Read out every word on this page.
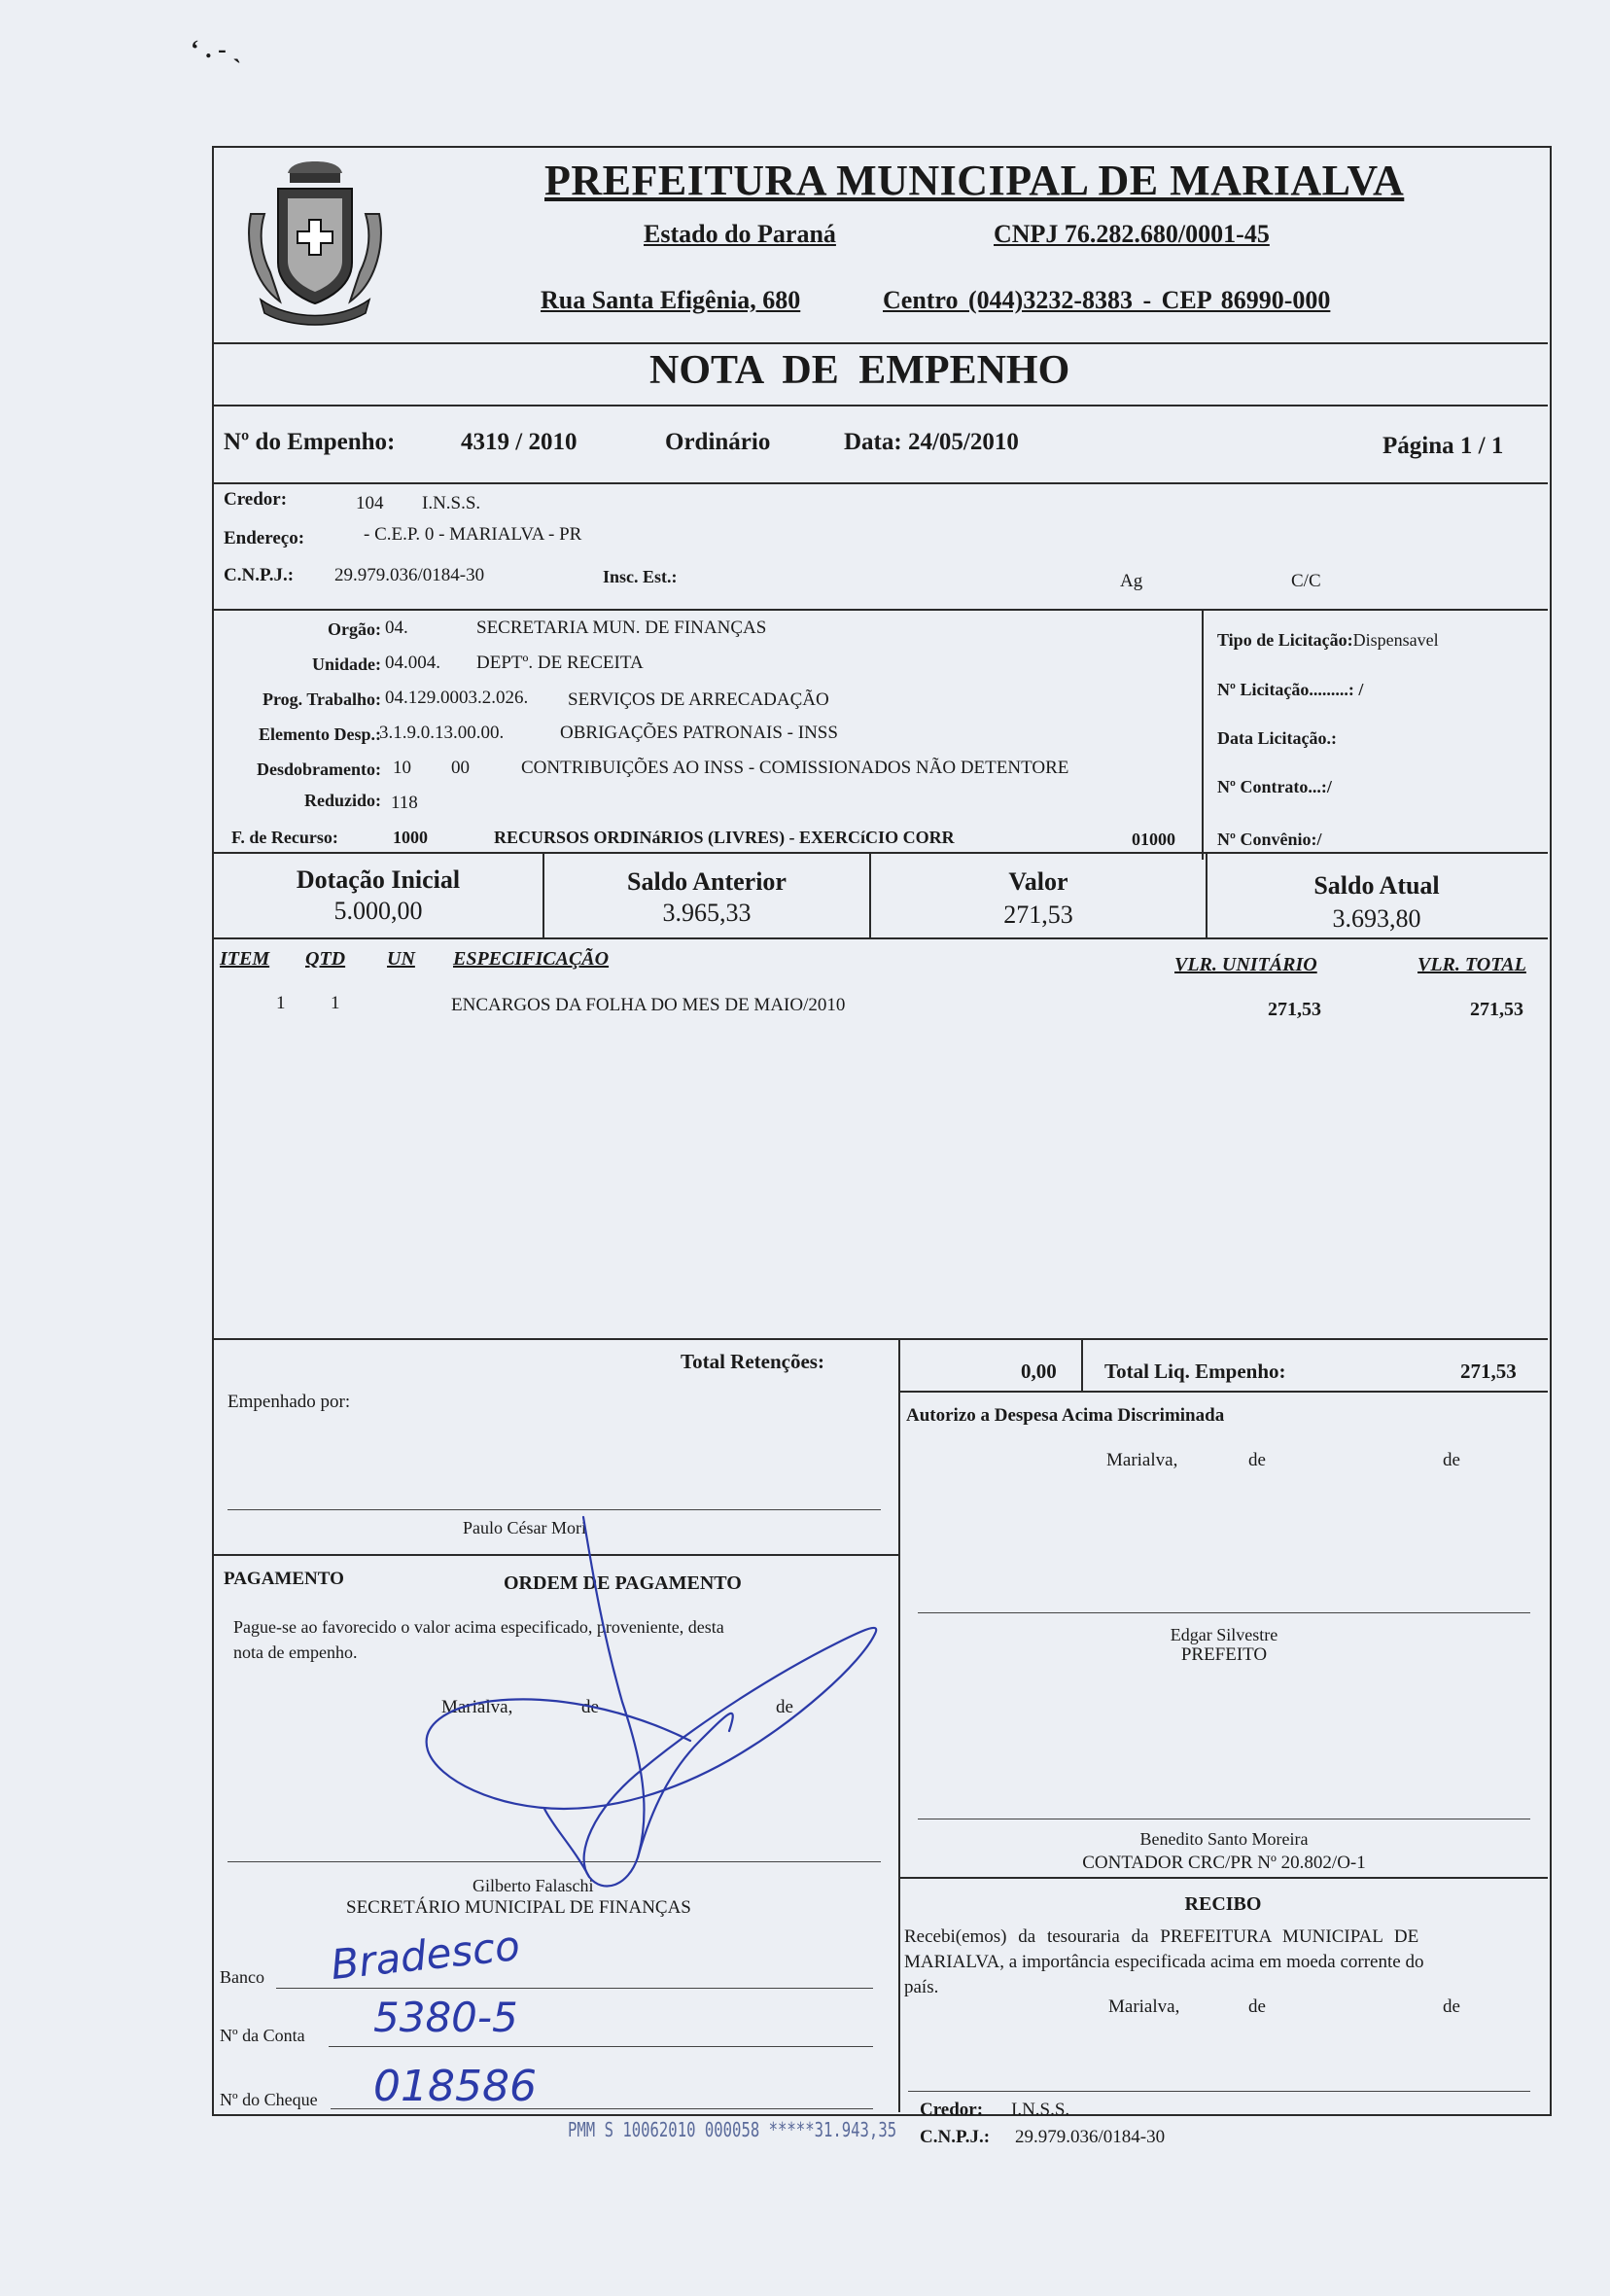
ʻ . - ˎ
PREFEITURA MUNICIPAL DE MARIALVA
Estado do Paraná	CNPJ 76.282.680/0001-45
Rua Santa Efigênia, 680	Centro (044)3232-8383 - CEP 86990-000
NOTA DE EMPENHO
Nº do Empenho:	4319 / 2010	Ordinário	Data: 24/05/2010	Página 1 / 1
Credor:	104 I.N.S.S.
Endereço:	- C.E.P. 0 - MARIALVA - PR
C.N.P.J.: 29.979.036/0184-30	Insc. Est.:	Ag	C/C
Orgão: 04.	SECRETARIA MUN. DE FINANÇAS
Unidade: 04.004. DEPTº. DE RECEITA
Prog. Trabalho: 04.129.0003.2.026. SERVIÇOS DE ARRECADAÇÃO
Elemento Desp.:
3.1.9.0.13.00.00.	OBRIGAÇÕES PATRONAIS - INSS
Desdobramento: 10 00	CONTRIBUIÇÕES AO INSS - COMISSIONADOS NÃO DETENTORE
Reduzido: 118
F. de Recurso:	1000	RECURSOS ORDINáRIOS (LIVRES) - EXERCíCIO CORR	01000
Tipo de Licitação:Dispensavel
Nº Licitação.........: /
Data Licitação.:
Nº Contrato...:/
Nº Convênio:/
Dotação Inicial
5.000,00
Saldo Anterior
3.965,33
Valor
271,53
Saldo Atual
3.693,80
ITEM QTD UN ESPECIFICAÇÃO	VLR. UNITÁRIO	VLR. TOTAL
1 1	ENCARGOS DA FOLHA DO MES DE MAIO/2010	271,53	271,53
Total Retenções:	0,00 Total Liq. Empenho:	271,53
Empenhado por:
Paulo César Mori
PAGAMENTO	ORDEM DE PAGAMENTO
Pague-se ao favorecido o valor acima especificado, proveniente, desta
nota de empenho.
Marialva,	de	de
Gilberto Falaschi
SECRETÁRIO MUNICIPAL DE FINANÇAS
Banco Bradesco
Nº da Conta 5380-5
Nº do Cheque 018586
Autorizo a Despesa Acima Discriminada
Marialva,	de	de
Edgar Silvestre
PREFEITO
Benedito Santo Moreira
CONTADOR CRC/PR Nº 20.802/O-1
RECIBO
Recebi(emos) da tesouraria da PREFEITURA MUNICIPAL DE
MARIALVA, a importância especificada acima em moeda corrente do
país.
Marialva,	de	de
Credor: I.N.S.S.
C.N.P.J.: 29.979.036/0184-30
PMM S 10062010 000058 *****31.943,35
